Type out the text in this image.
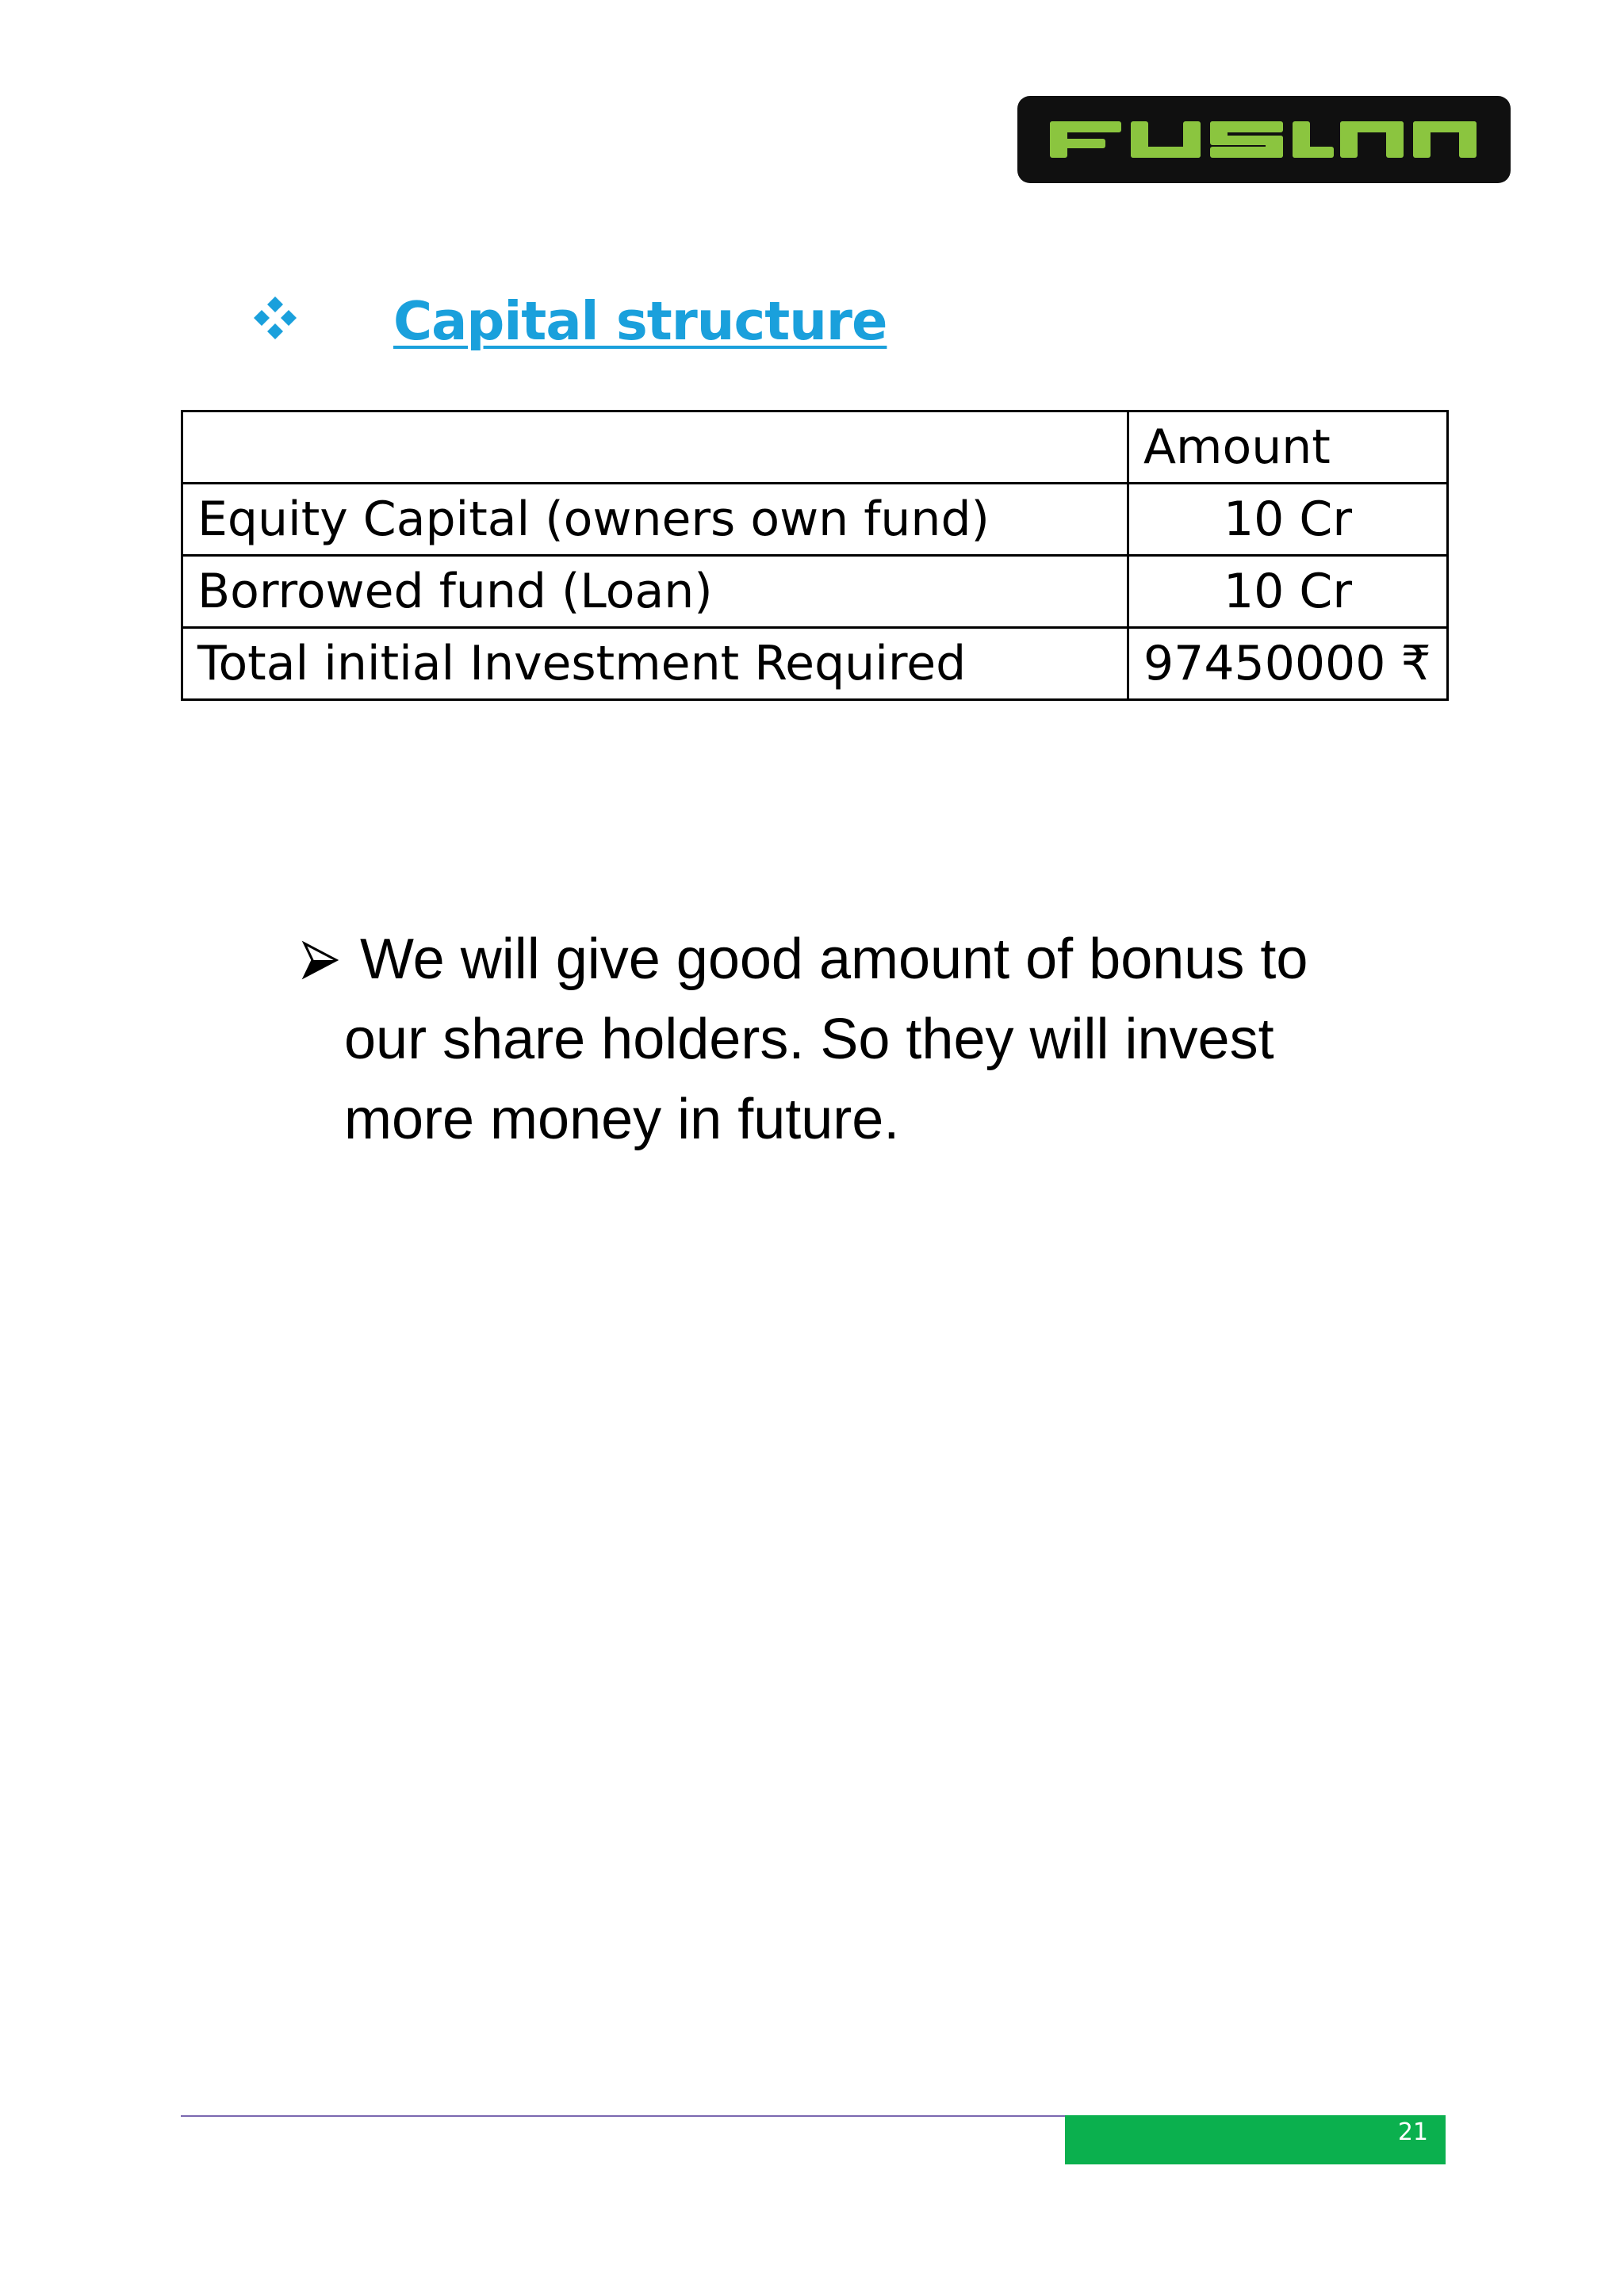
Capital structure
	Amount
Equity Capital (owners own fund)	10 Cr
Borrowed fund (Loan)	10 Cr
Total initial Investment Required	97450000 ₹
We will give good amount of bonus to
our share holders. So they will invest
more money in future.
21
